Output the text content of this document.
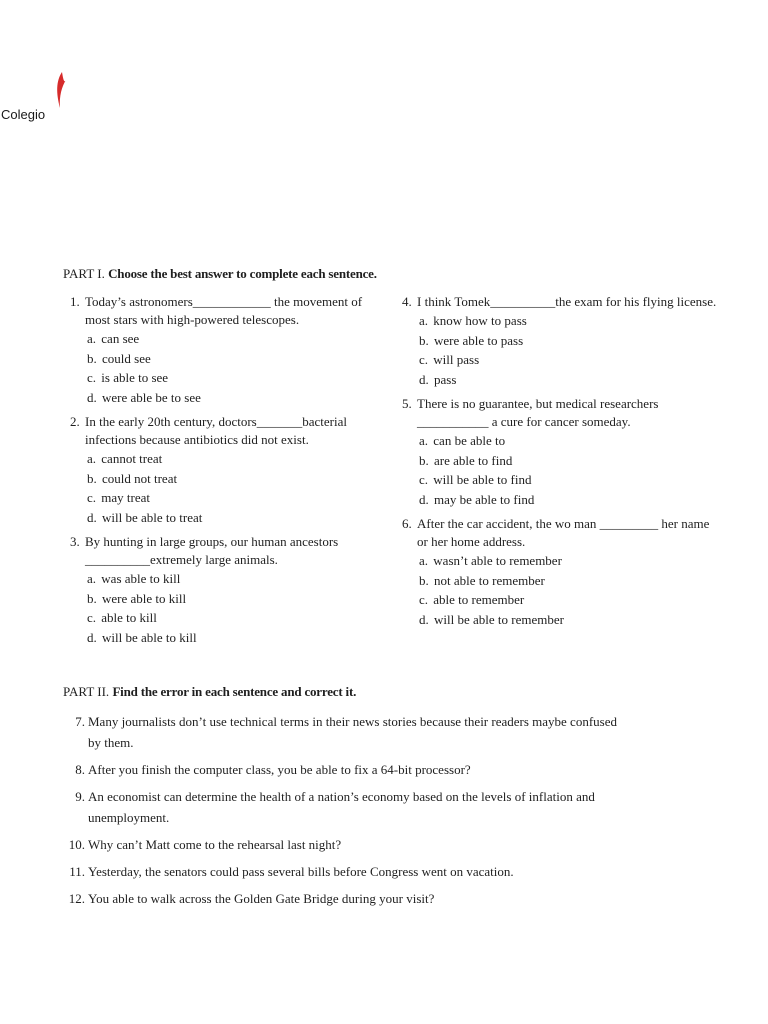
Colegio
PART I. Choose the best answer to complete each sentence.
1. Today’s astronomers____________ the movement of most stars with high-powered telescopes.
a. can see
b. could see
c. is able to see
d. were able be to see
2. In the early 20th century, doctors_______bacterial infections because antibiotics did not exist.
a. cannot treat
b. could not treat
c. may treat
d. will be able to treat
3. By hunting in large groups, our human ancestors __________extremely large animals.
a. was able to kill
b. were able to kill
c. able to kill
d. will be able to kill
4. I think Tomek__________the exam for his flying license.
a. know how to pass
b. were able to pass
c. will pass
d. pass
5. There is no guarantee, but medical researchers ___________ a cure for cancer someday.
a. can be able to
b. are able to find
c. will be able to find
d. may be able to find
6. After the car accident, the wo man _________ her name or her home address.
a. wasn’t able to remember
b. not able to remember
c. able to remember
d. will be able to remember
PART II. Find the error in each sentence and correct it.
7. Many journalists don’t use technical terms in their news stories because their readers maybe confused by them.
8. After you finish the computer class, you be able to fix a 64-bit processor?
9. An economist can determine the health of a nation’s economy based on the levels of inflation and unemployment.
10. Why can’t Matt come to the rehearsal last night?
11. Yesterday, the senators could pass several bills before Congress went on vacation.
12. You able to walk across the Golden Gate Bridge during your visit?
